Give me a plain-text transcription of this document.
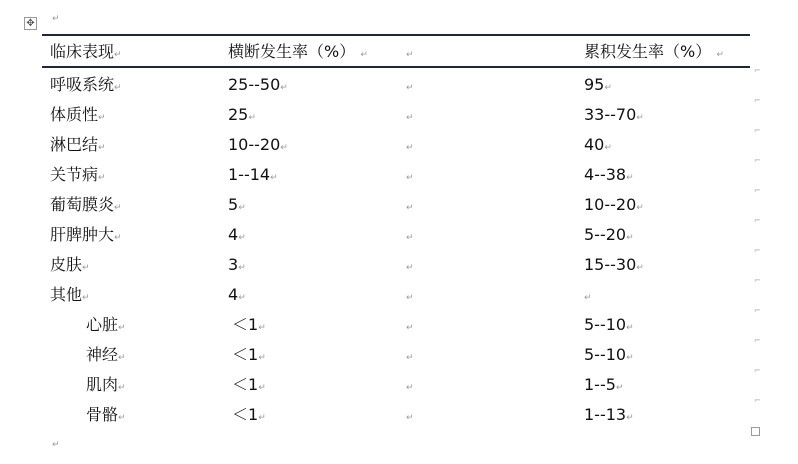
✥ ↵
临床表现↵	横断发生率（%） ↵	↵	累积发生率（%） ↵
呼吸系统↵	25--50↵	↵	95↵
⌐
体质性↵	25↵	↵	33--70↵
⌐
淋巴结↵	10--20↵	↵	40↵
⌐
关节病↵	1--14↵	↵	4--38↵
⌐
葡萄膜炎↵	5↵	↵	10--20↵
⌐
肝脾肿大↵	4↵	↵	5--20↵
⌐
皮肤↵	3↵	↵	15--30↵
⌐
其他↵	4↵	↵	↵
⌐
心脏↵	＜1↵	↵	5--10↵
⌐
神经↵	＜1↵	↵	5--10↵
⌐
肌肉↵	＜1↵	↵	1--5↵
⌐
骨骼↵	＜1↵	↵	1--13↵
⌐
↵
